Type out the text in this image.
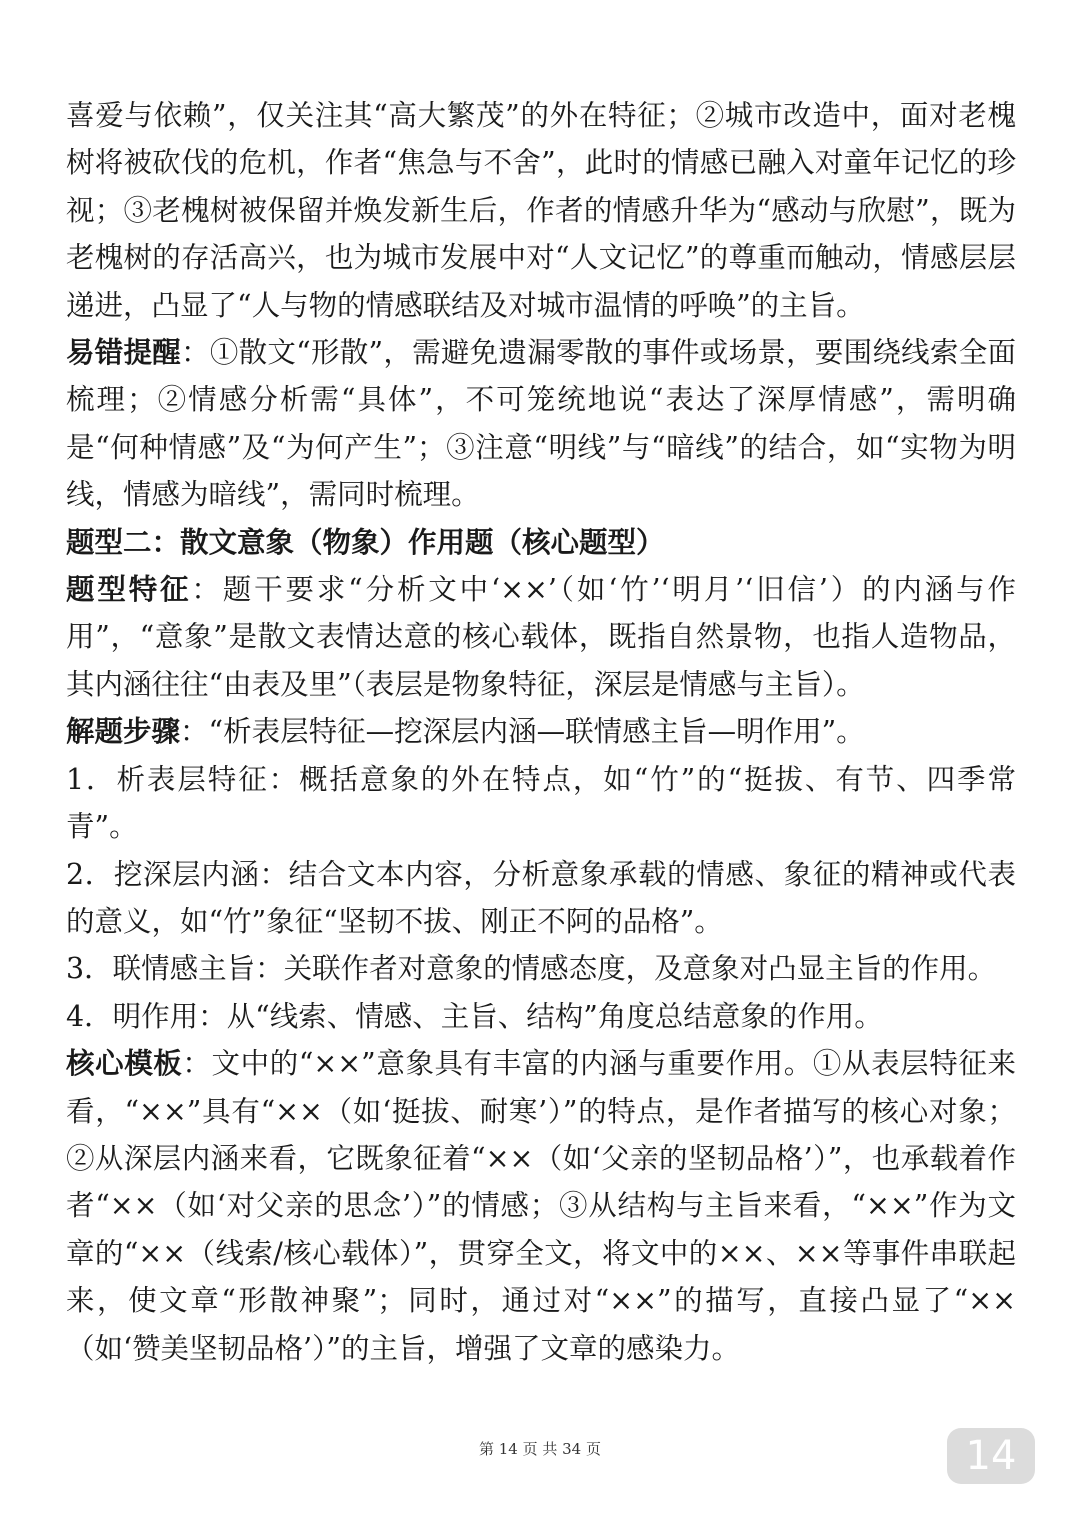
喜爱与依赖”，仅关注其“高大繁茂”的外在特征；②城市改造中，面对老槐树将被砍伐的危机，作者“焦急与不舍”，此时的情感已融入对童年记忆的珍视；③老槐树被保留并焕发新生后，作者的情感升华为“感动与欣慰”，既为老槐树的存活高兴，也为城市发展中对“人文记忆”的尊重而触动，情感层层递进，凸显了“人与物的情感联结及对城市温情的呼唤”的主旨。

易错提醒：①散文“形散”，需避免遗漏零散的事件或场景，要围绕线索全面梳理；②情感分析需“具体”，不可笼统地说“表达了深厚情感”，需明确是“何种情感”及“为何产生”；③注意“明线”与“暗线”的结合，如“实物为明线，情感为暗线”，需同时梳理。

题型二：散文意象（物象）作用题（核心题型）

题型特征：题干要求“分析文中‘××’（如‘竹’‘明月’‘旧信’）的内涵与作用”，“意象”是散文表情达意的核心载体，既指自然景物，也指人造物品，其内涵往往“由表及里”（表层是物象特征，深层是情感与主旨）。

解题步骤：“析表层特征—挖深层内涵—联情感主旨—明作用”。

1．析表层特征：概括意象的外在特点，如“竹”的“挺拔、有节、四季常青”。

2．挖深层内涵：结合文本内容，分析意象承载的情感、象征的精神或代表的意义，如“竹”象征“坚韧不拔、刚正不阿的品格”。

3．联情感主旨：关联作者对意象的情感态度，及意象对凸显主旨的作用。

4．明作用：从“线索、情感、主旨、结构”角度总结意象的作用。

核心模板：文中的“××”意象具有丰富的内涵与重要作用。①从表层特征来看，“××”具有“××（如‘挺拔、耐寒’）”的特点，是作者描写的核心对象；②从深层内涵来看，它既象征着“××（如‘父亲的坚韧品格’）”，也承载着作者“××（如‘对父亲的思念’）”的情感；③从结构与主旨来看，“××”作为文章的“××（线索/核心载体）”，贯穿全文，将文中的××、××等事件串联起来，使文章“形散神聚”；同时，通过对“××”的描写，直接凸显了“××（如‘赞美坚韧品格’）”的主旨，增强了文章的感染力。

第 14 页 共 34 页	14
